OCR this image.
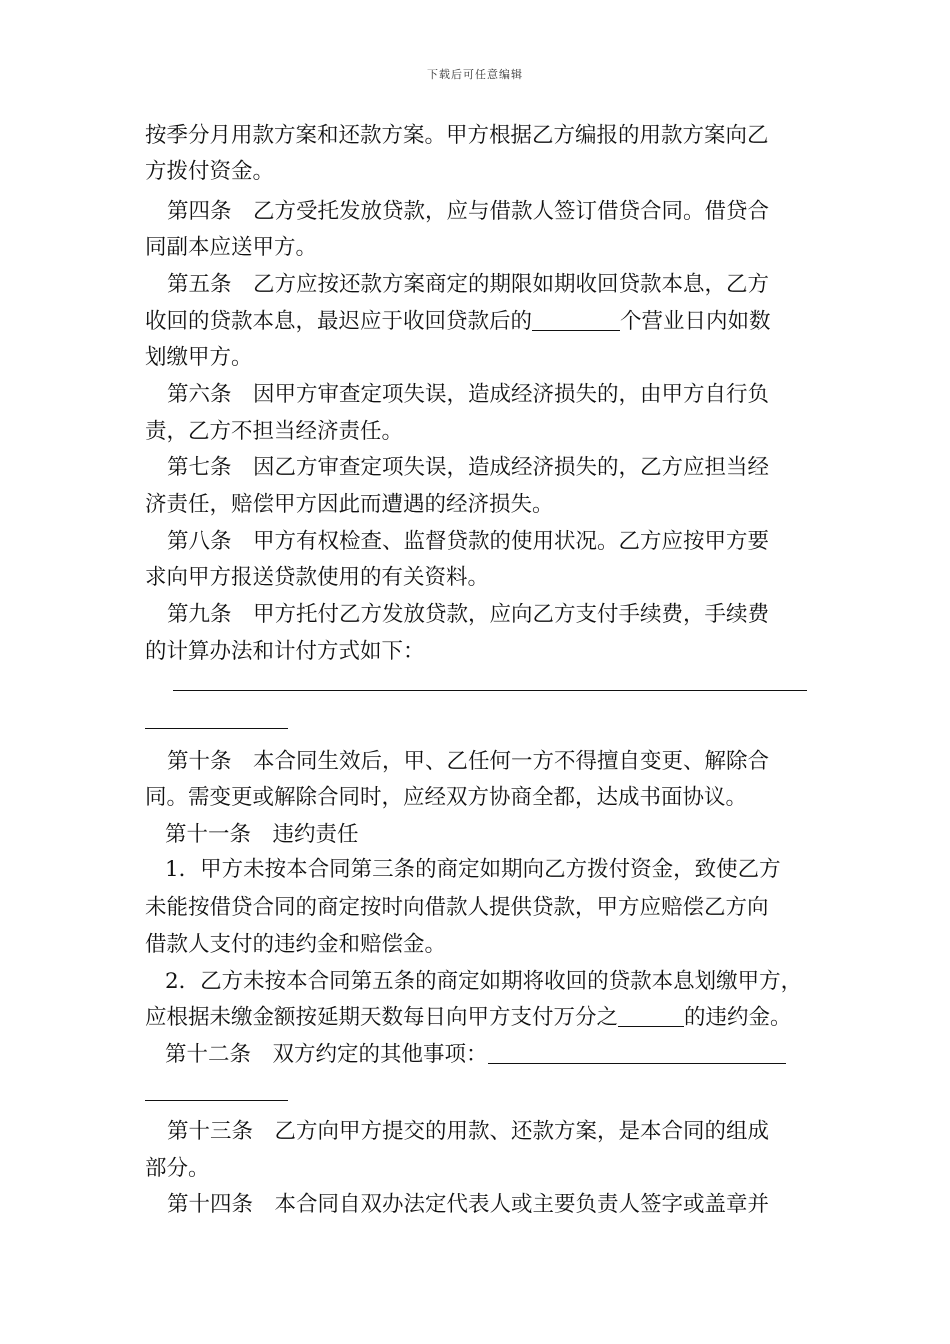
下载后可任意编辑
按季分月用款方案和还款方案。甲方根据乙方编报的用款方案向乙
方拨付资金。
第四条　乙方受托发放贷款，应与借款人签订借贷合同。借贷合
同副本应送甲方。
第五条　乙方应按还款方案商定的期限如期收回贷款本息，乙方
收回的贷款本息，最迟应于收回贷款后的	个营业日内如数
划缴甲方。
第六条　因甲方审查定项失误，造成经济损失的，由甲方自行负
责，乙方不担当经济责任。
第七条　因乙方审查定项失误，造成经济损失的，乙方应担当经
济责任，赔偿甲方因此而遭遇的经济损失。
第八条　甲方有权检查、监督贷款的使用状况。乙方应按甲方要
求向甲方报送贷款使用的有关资料。
第九条　甲方托付乙方发放贷款，应向乙方支付手续费，手续费
的计算办法和计付方式如下：
第十条　本合同生效后，甲、乙任何一方不得擅自变更、解除合
同。需变更或解除合同时，应经双方协商全都，达成书面协议。
第十一条　违约责任
1．甲方未按本合同第三条的商定如期向乙方拨付资金，致使乙方
未能按借贷合同的商定按时向借款人提供贷款，甲方应赔偿乙方向
借款人支付的违约金和赔偿金。
2．乙方未按本合同第五条的商定如期将收回的贷款本息划缴甲方，
应根据未缴金额按延期天数每日向甲方支付万分之	的违约金。
第十二条　双方约定的其他事项：
第十三条　乙方向甲方提交的用款、还款方案，是本合同的组成
部分。
第十四条　本合同自双办法定代表人或主要负责人签字或盖章并
